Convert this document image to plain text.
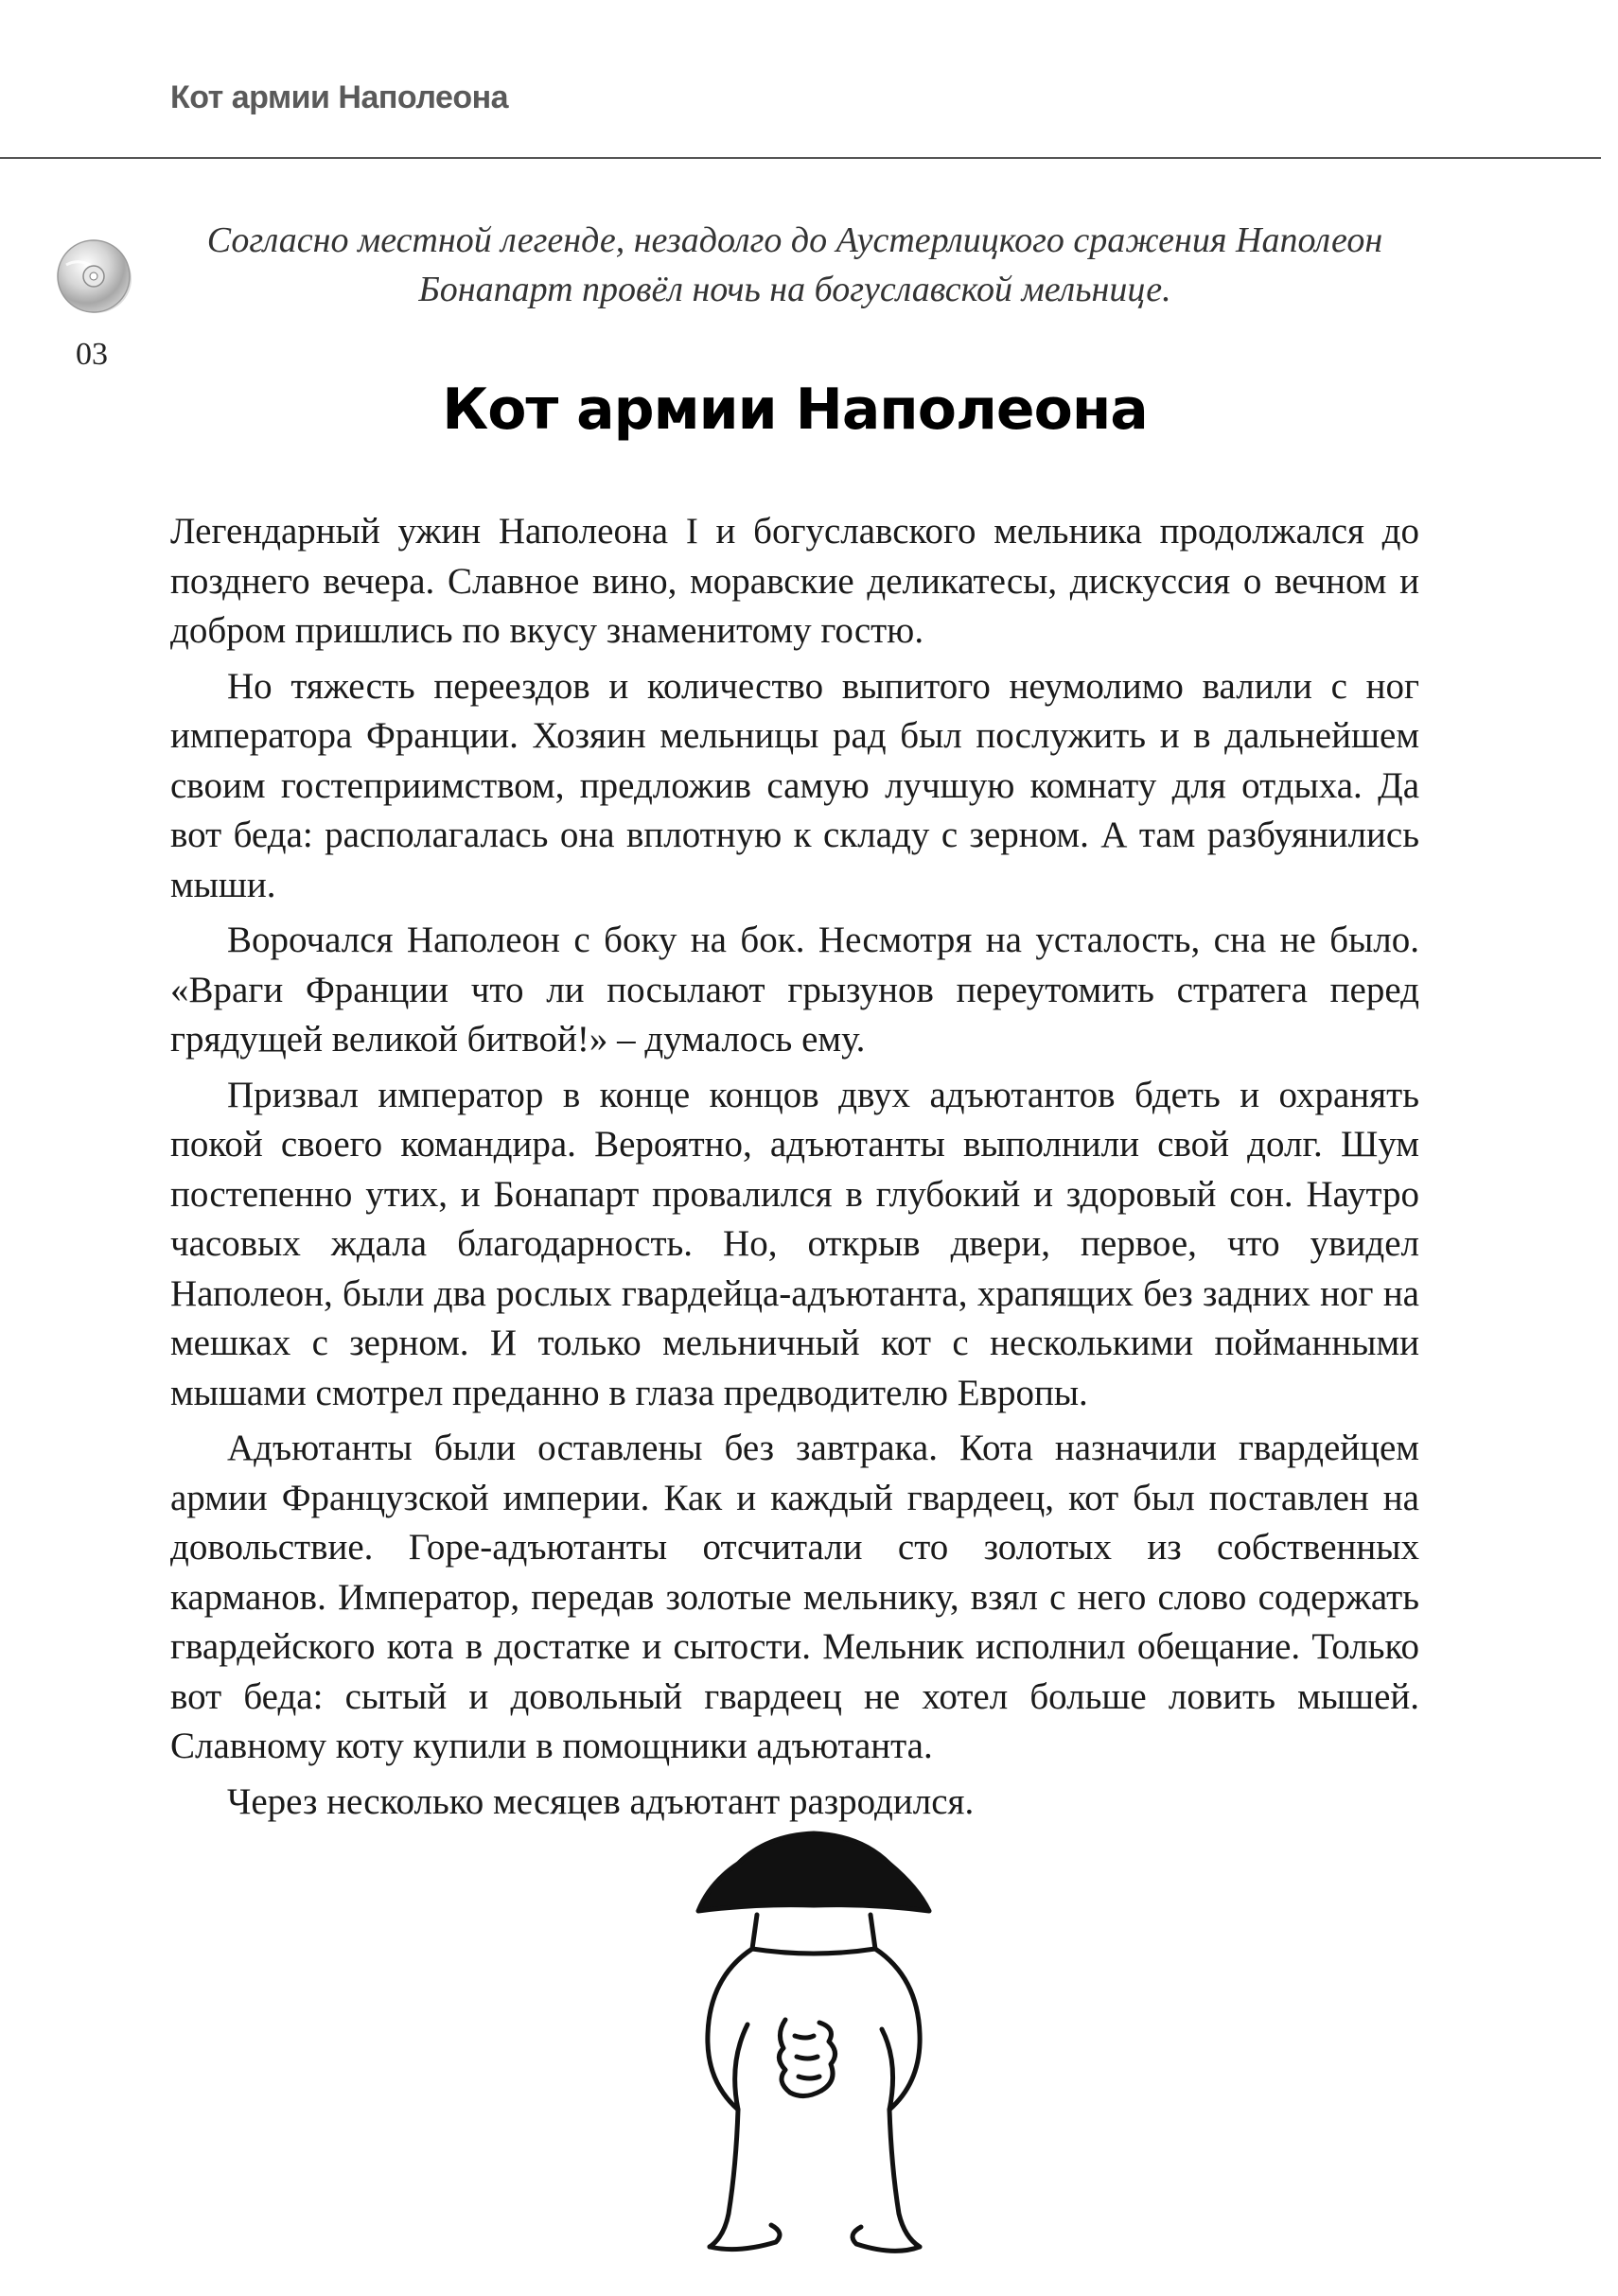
Кот армии Наполеона
03
Согласно местной легенде, незадолго до Аустерлицкого сражения Наполеон Бонапарт провёл ночь на богуславской мельнице.
Кот армии Наполеона

Легендарный ужин Наполеона I и богуславского мельника продолжался до позднего вечера. Славное вино, моравские деликатесы, дискуссия о вечном и добром пришлись по вкусу знаменитому гостю.

Но тяжесть переездов и количество выпитого неумолимо валили с ног императора Франции. Хозяин мельницы рад был послужить и в дальнейшем своим гостеприимством, предложив самую лучшую комнату для отдыха. Да вот беда: располагалась она вплотную к складу с зерном. А там разбуянились мыши.

Ворочался Наполеон с боку на бок. Несмотря на усталость, сна не было. «Враги Франции что ли посылают грызунов переутомить стратега перед грядущей великой битвой!» – думалось ему.

Призвал император в конце концов двух адъютантов бдеть и охранять покой своего командира. Вероятно, адъютанты выполнили свой долг. Шум постепенно утих, и Бонапарт провалился в глубокий и здоровый сон. Наутро часовых ждала благодарность. Но, открыв двери, первое, что увидел Наполеон, были два рослых гвардейца-адъютанта, храпящих без задних ног на мешках с зерном. И только мельничный кот с несколькими пойманными мышами смотрел преданно в глаза предводителю Европы.

Адъютанты были оставлены без завтрака. Кота назначили гвардейцем армии Французской империи. Как и каждый гвардеец, кот был поставлен на довольствие. Горе-адъютанты отсчитали сто золотых из собственных карманов. Император, передав золотые мельнику, взял с него слово содержать гвардейского кота в достатке и сытости. Мельник исполнил обещание. Только вот беда: сытый и довольный гвардеец не хотел больше ловить мышей. Славному коту купили в помощники адъютанта.

Через несколько месяцев адъютант разродился.
